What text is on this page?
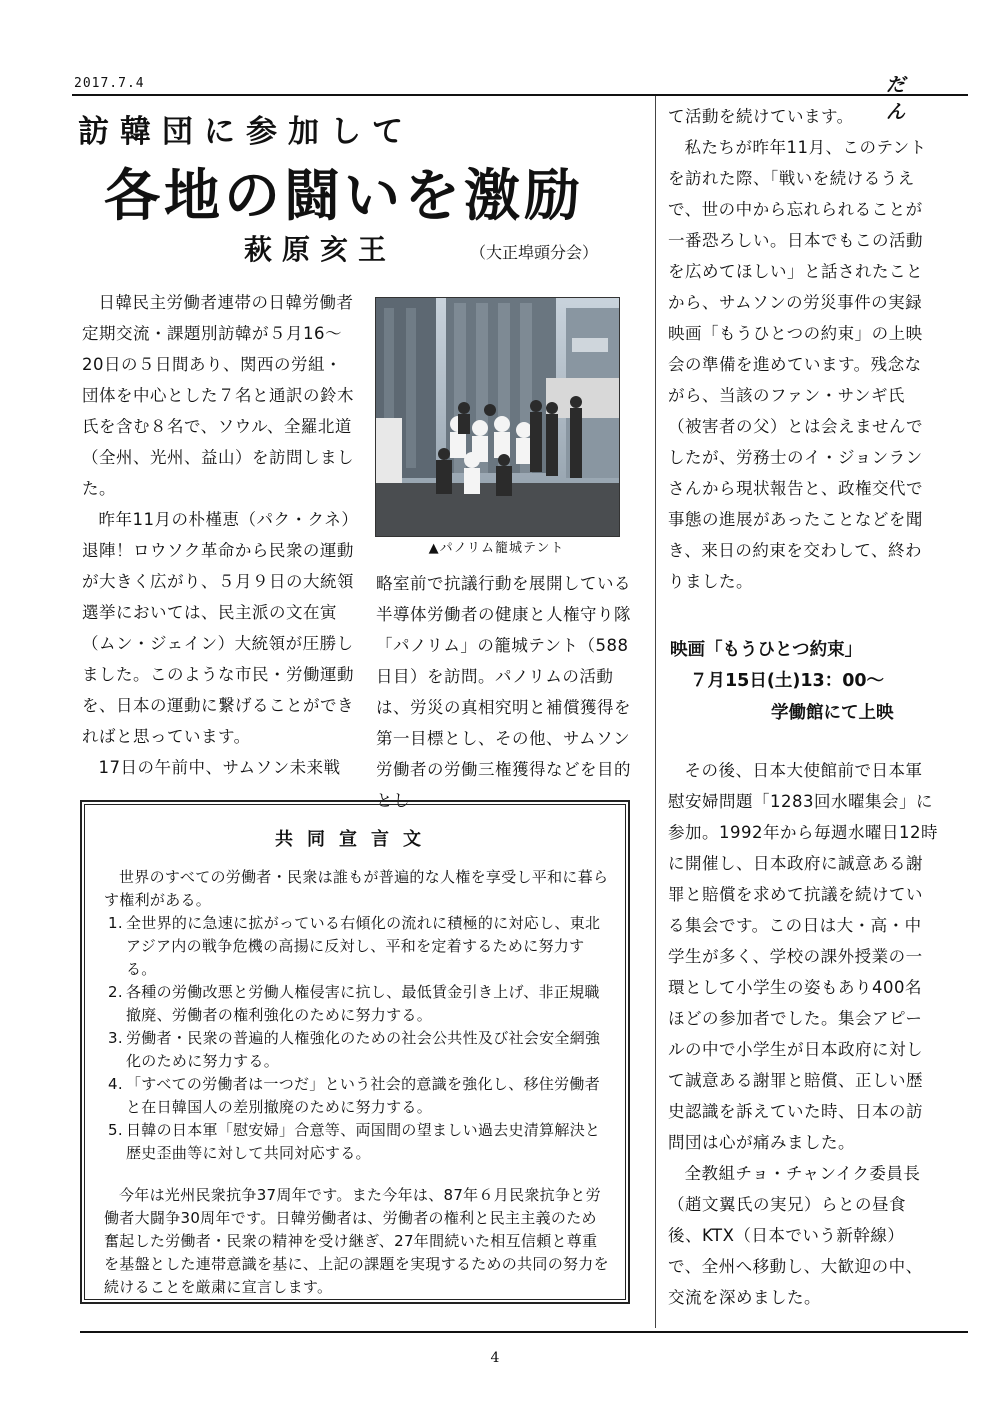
2017.7.4	だん
訪韓団に参加して
各地の闘いを激励
萩原亥王	（大正埠頭分会）

日韓民主労働者連帯の日韓労働者定期交流・課題別訪韓が５月16～20日の５日間あり、関西の労組・団体を中心とした７名と通訳の鈴木氏を含む８名で、ソウル、全羅北道（全州、光州、益山）を訪問しました。

昨年11月の朴槿恵（パク・クネ）退陣！ロウソク革命から民衆の運動が大きく広がり、５月９日の大統領選挙においては、民主派の文在寅（ムン・ジェイン）大統領が圧勝しました。このような市民・労働運動を、日本の運動に繋げることができればと思っています。

17日の午前中、サムソン未来戦

▲パノリム籠城テント

略室前で抗議行動を展開している半導体労働者の健康と人権守り隊「パノリム」の籠城テント（588日目）を訪問。パノリムの活動は、労災の真相究明と補償獲得を第一目標とし、その他、サムソン労働者の労働三権獲得などを目的とし

て活動を続けています。

私たちが昨年11月、このテントを訪れた際、「戦いを続けるうえで、世の中から忘れられることが一番恐ろしい。日本でもこの活動を広めてほしい」と話されたことから、サムソンの労災事件の実録映画「もうひとつの約束」の上映会の準備を進めています。残念ながら、当該のファン・サンギ氏（被害者の父）とは会えませんでしたが、労務士のイ・ジョンランさんから現状報告と、政権交代で事態の進展があったことなどを聞き、来日の約束を交わして、終わりました。

映画「もうひとつ約束」
７月15日(土)13：00～
学働館にて上映

その後、日本大使館前で日本軍慰安婦問題「1283回水曜集会」に参加。1992年から毎週水曜日12時に開催し、日本政府に誠意ある謝罪と賠償を求めて抗議を続けている集会です。この日は大・高・中学生が多く、学校の課外授業の一環として小学生の姿もあり400名ほどの参加者でした。集会アピールの中で小学生が日本政府に対して誠意ある謝罪と賠償、正しい歴史認識を訴えていた時、日本の訪問団は心が痛みました。

全教組チョ・チャンイク委員長（趙文翼氏の実兄）らとの昼食後、KTX（日本でいう新幹線）で、全州へ移動し、大歓迎の中、交流を深めました。

共同宣言文

世界のすべての労働者・民衆は誰もが普遍的な人権を享受し平和に暮らす権利がある。

1. 全世界的に急速に拡がっている右傾化の流れに積極的に対応し、東北アジア内の戦争危機の高揚に反対し、平和を定着するために努力する。
2. 各種の労働改悪と労働人権侵害に抗し、最低賃金引き上げ、非正規職撤廃、労働者の権利強化のために努力する。
3. 労働者・民衆の普遍的人権強化のための社会公共性及び社会安全網強化のために努力する。
4. 「すべての労働者は一つだ」という社会的意識を強化し、移住労働者と在日韓国人の差別撤廃のために努力する。
5. 日韓の日本軍「慰安婦」合意等、両国間の望ましい過去史清算解決と歴史歪曲等に対して共同対応する。

今年は光州民衆抗争37周年です。また今年は、87年６月民衆抗争と労働者大闘争30周年です。日韓労働者は、労働者の権利と民主主義のため奮起した労働者・民衆の精神を受け継ぎ、27年間続いた相互信頼と尊重を基盤とした連帯意識を基に、上記の課題を実現するための共同の努力を続けることを厳粛に宣言します。

4
